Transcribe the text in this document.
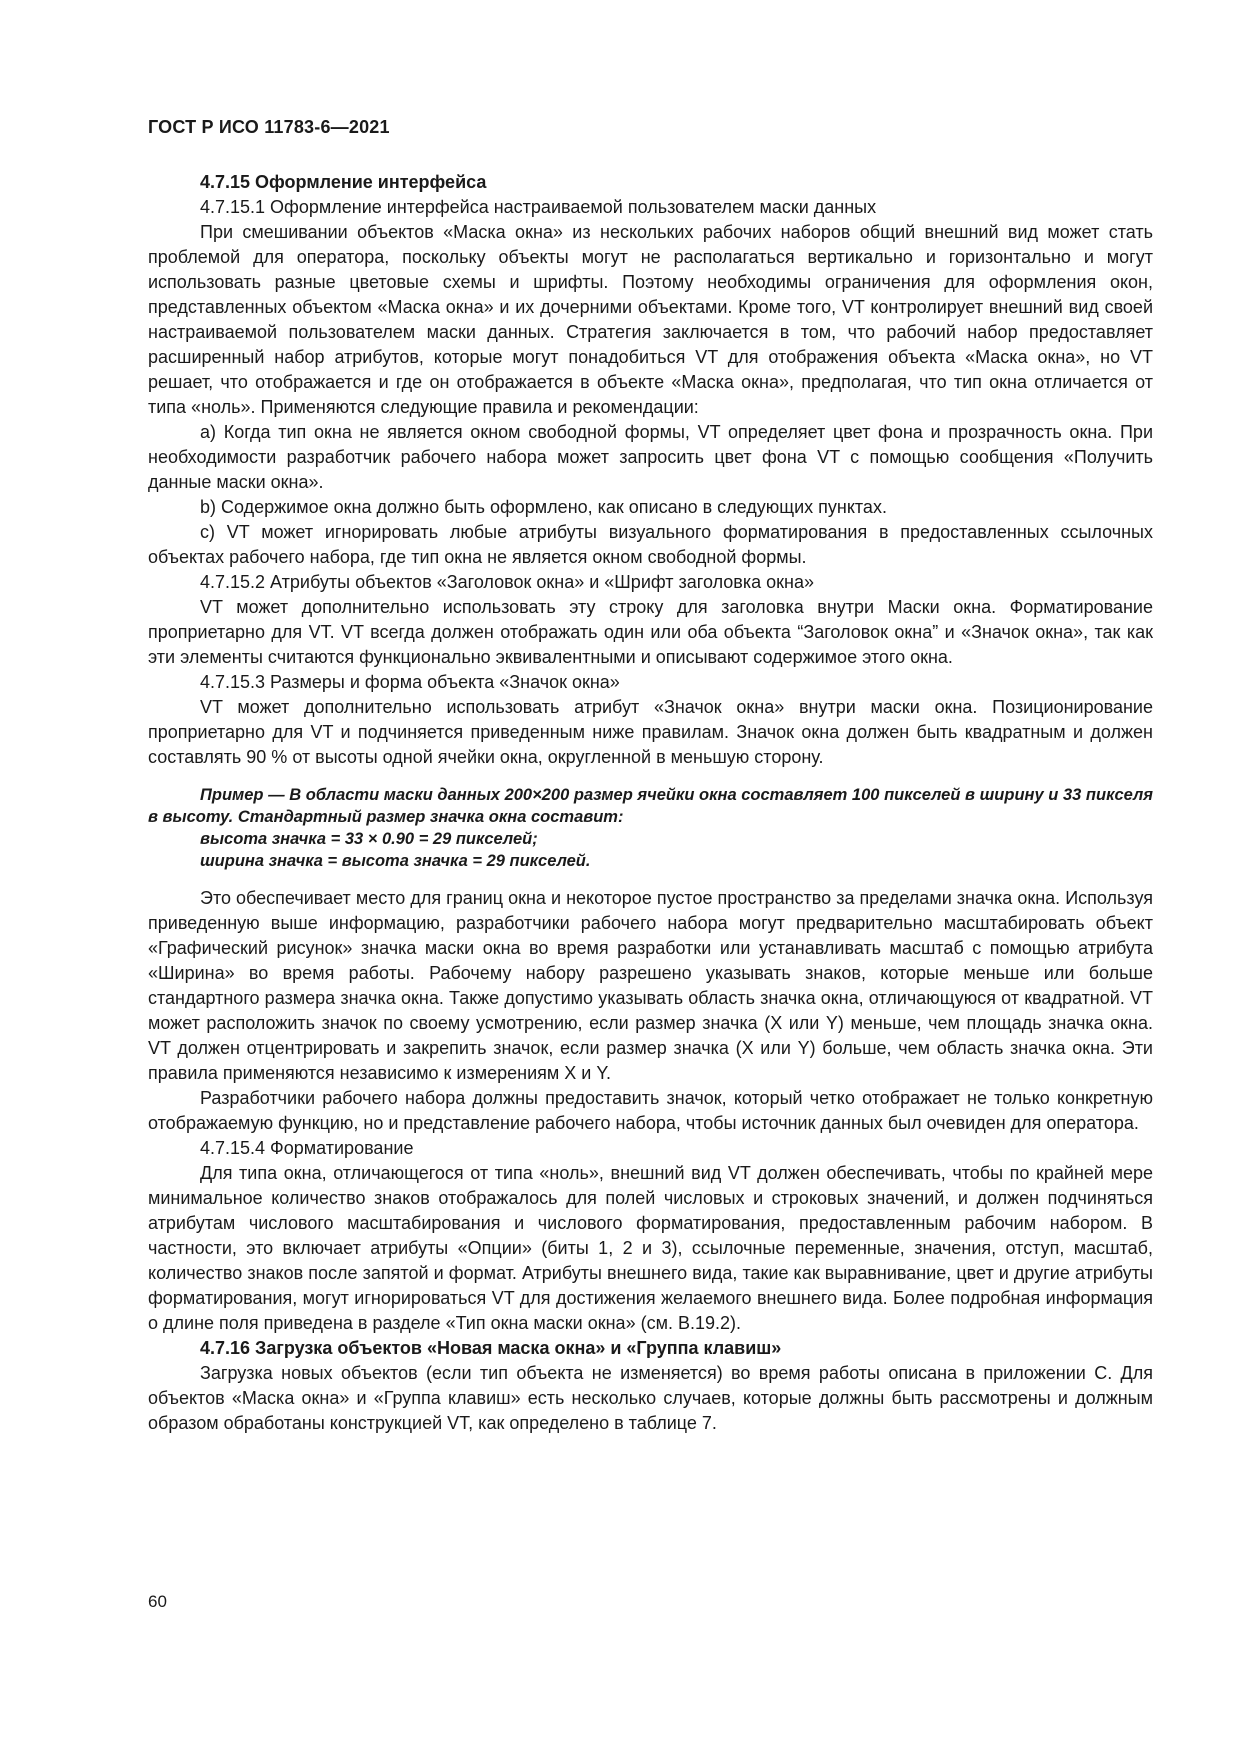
ГОСТ Р ИСО 11783-6—2021

4.7.15 Оформление интерфейса

4.7.15.1 Оформление интерфейса настраиваемой пользователем маски данных

При смешивании объектов «Маска окна» из нескольких рабочих наборов общий внешний вид может стать проблемой для оператора, поскольку объекты могут не располагаться вертикально и горизонтально и могут использовать разные цветовые схемы и шрифты. Поэтому необходимы ограничения для оформления окон, представленных объектом «Маска окна» и их дочерними объектами. Кроме того, VT контролирует внешний вид своей настраиваемой пользователем маски данных. Стратегия заключается в том, что рабочий набор предоставляет расширенный набор атрибутов, которые могут понадобиться VT для отображения объекта «Маска окна», но VT решает, что отображается и где он отображается в объекте «Маска окна», предполагая, что тип окна отличается от типа «ноль». Применяются следующие правила и рекомендации:

a) Когда тип окна не является окном свободной формы, VT определяет цвет фона и прозрачность окна. При необходимости разработчик рабочего набора может запросить цвет фона VT с помощью сообщения «Получить данные маски окна».

b) Содержимое окна должно быть оформлено, как описано в следующих пунктах.

c) VT может игнорировать любые атрибуты визуального форматирования в предоставленных ссылочных объектах рабочего набора, где тип окна не является окном свободной формы.

4.7.15.2 Атрибуты объектов «Заголовок окна» и «Шрифт заголовка окна»

VT может дополнительно использовать эту строку для заголовка внутри Маски окна. Форматирование проприетарно для VT. VT всегда должен отображать один или оба объекта “Заголовок окна” и «Значок окна», так как эти элементы считаются функционально эквивалентными и описывают содержимое этого окна.

4.7.15.3 Размеры и форма объекта «Значок окна»

VT может дополнительно использовать атрибут «Значок окна» внутри маски окна. Позиционирование проприетарно для VT и подчиняется приведенным ниже правилам. Значок окна должен быть квадратным и должен составлять 90 % от высоты одной ячейки окна, округленной в меньшую сторону.

Пример — В области маски данных 200×200 размер ячейки окна составляет 100 пикселей в ширину и 33 пикселя в высоту. Стандартный размер значка окна составит:

высота значка = 33 × 0.90 = 29 пикселей;

ширина значка = высота значка = 29 пикселей.

Это обеспечивает место для границ окна и некоторое пустое пространство за пределами значка окна. Используя приведенную выше информацию, разработчики рабочего набора могут предварительно масштабировать объект «Графический рисунок» значка маски окна во время разработки или устанавливать масштаб с помощью атрибута «Ширина» во время работы. Рабочему набору разрешено указывать знаков, которые меньше или больше стандартного размера значка окна. Также допустимо указывать область значка окна, отличающуюся от квадратной. VT может расположить значок по своему усмотрению, если размер значка (X или Y) меньше, чем площадь значка окна. VT должен отцентрировать и закрепить значок, если размер значка (X или Y) больше, чем область значка окна. Эти правила применяются независимо к измерениям X и Y.

Разработчики рабочего набора должны предоставить значок, который четко отображает не только конкретную отображаемую функцию, но и представление рабочего набора, чтобы источник данных был очевиден для оператора.

4.7.15.4 Форматирование

Для типа окна, отличающегося от типа «ноль», внешний вид VT должен обеспечивать, чтобы по крайней мере минимальное количество знаков отображалось для полей числовых и строковых значений, и должен подчиняться атрибутам числового масштабирования и числового форматирования, предоставленным рабочим набором. В частности, это включает атрибуты «Опции» (биты 1, 2 и 3), ссылочные переменные, значения, отступ, масштаб, количество знаков после запятой и формат. Атрибуты внешнего вида, такие как выравнивание, цвет и другие атрибуты форматирования, могут игнорироваться VT для достижения желаемого внешнего вида. Более подробная информация о длине поля приведена в разделе «Тип окна маски окна» (см. B.19.2).

4.7.16 Загрузка объектов «Новая маска окна» и «Группа клавиш»

Загрузка новых объектов (если тип объекта не изменяется) во время работы описана в приложении С. Для объектов «Маска окна» и «Группа клавиш» есть несколько случаев, которые должны быть рассмотрены и должным образом обработаны конструкцией VT, как определено в таблице 7.

60
